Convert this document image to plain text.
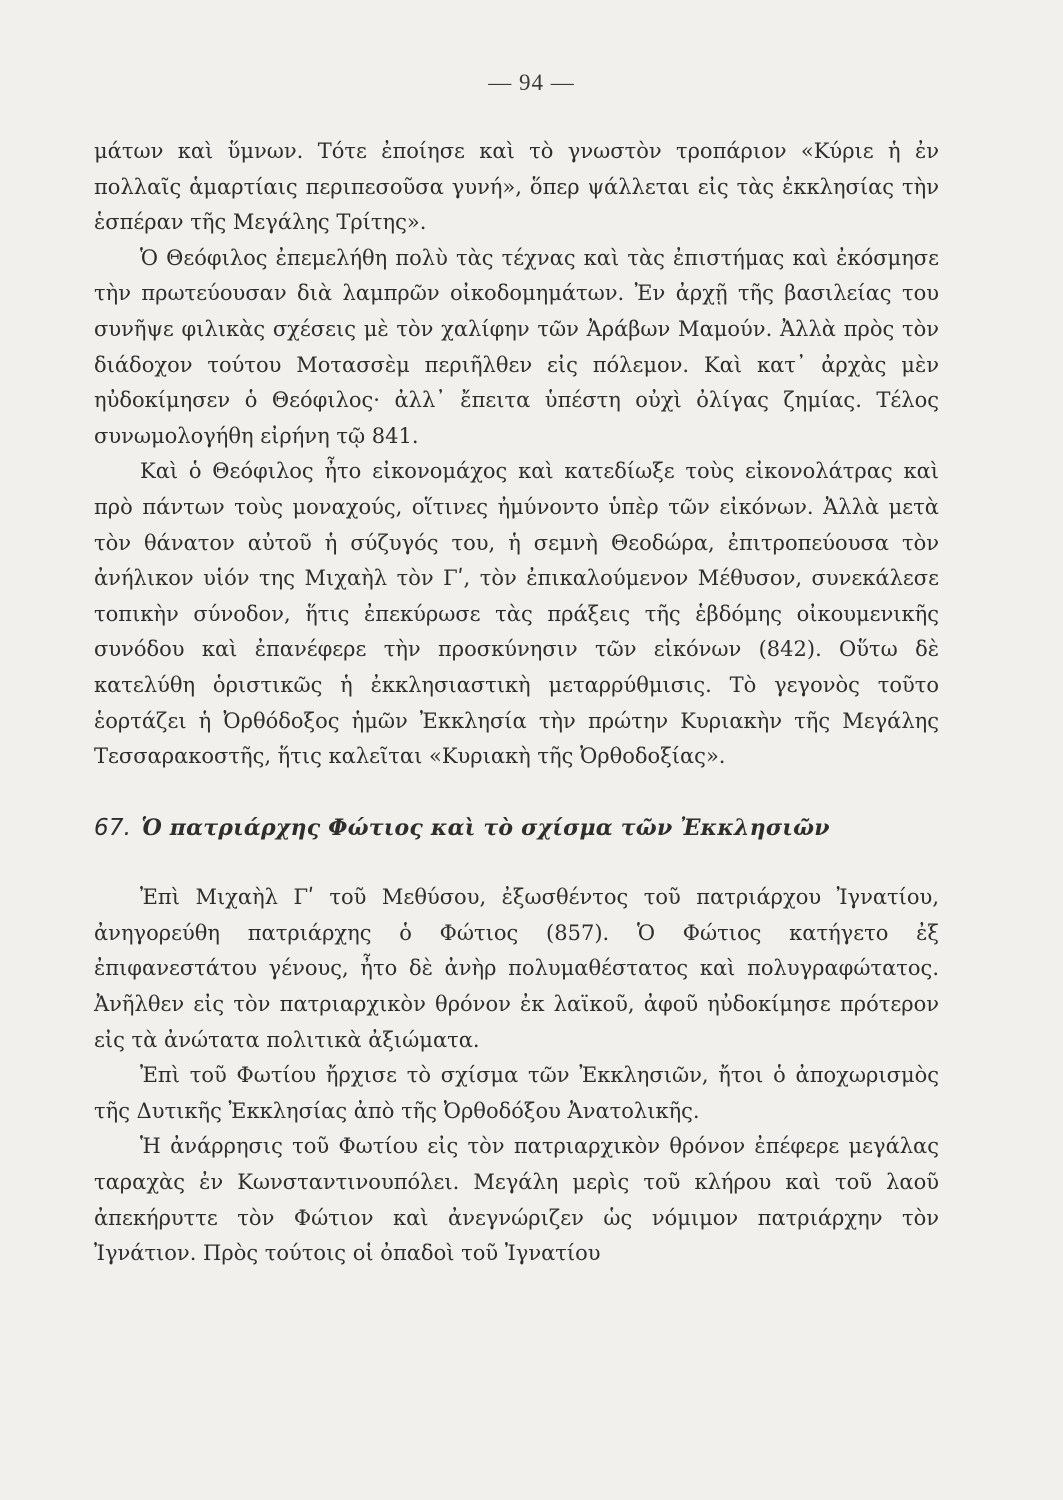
— 94 —

μάτων καὶ ὕμνων. Τότε ἐποίησε καὶ τὸ γνωστὸν τροπάριον «Κύριε ἡ ἐν πολλαῖς ἁμαρτίαις περιπεσοῦσα γυνή», ὅπερ ψάλλεται εἰς τὰς ἐκκλησίας τὴν ἑσπέραν τῆς Μεγάλης Τρίτης».

Ὁ Θεόφιλος ἐπεμελήθη πολὺ τὰς τέχνας καὶ τὰς ἐπιστήμας καὶ ἐκόσμησε τὴν πρωτεύουσαν διὰ λαμπρῶν οἰκοδομημάτων. Ἐν ἀρχῇ τῆς βασιλείας του συνῆψε φιλικὰς σχέσεις μὲ τὸν χαλίφην τῶν Ἀράβων Μαμούν. Ἀλλὰ πρὸς τὸν διάδοχον τούτου Μοτασσὲμ περιῆλθεν εἰς πόλεμον. Καὶ κατ᾽ ἀρχὰς μὲν ηὐδοκίμησεν ὁ Θεόφιλος· ἀλλ᾽ ἔπειτα ὑπέστη οὐχὶ ὀλίγας ζημίας. Τέλος συνωμολογήθη εἰρήνη τῷ 841.

Καὶ ὁ Θεόφιλος ἦτο εἰκονομάχος καὶ κατεδίωξε τοὺς εἰκονολάτρας καὶ πρὸ πάντων τοὺς μοναχούς, οἵτινες ἠμύνοντο ὑπὲρ τῶν εἰκόνων. Ἀλλὰ μετὰ τὸν θάνατον αὐτοῦ ἡ σύζυγός του, ἡ σεμνὴ Θεοδώρα, ἐπιτροπεύουσα τὸν ἀνήλικον υἱόν της Μιχαὴλ τὸν Γʹ, τὸν ἐπικαλούμενον Μέθυσον, συνεκάλεσε τοπικὴν σύνοδον, ἥτις ἐπεκύρωσε τὰς πράξεις τῆς ἑβδόμης οἰκουμενικῆς συνόδου καὶ ἐπανέφερε τὴν προσκύνησιν τῶν εἰκόνων (842). Οὕτω δὲ κατελύθη ὁριστικῶς ἡ ἐκκλησιαστικὴ μεταρρύθμισις. Τὸ γεγονὸς τοῦτο ἑορτάζει ἡ Ὀρθόδοξος ἡμῶν Ἐκκλησία τὴν πρώτην Κυριακὴν τῆς Μεγάλης Τεσσαρακοστῆς, ἥτις καλεῖται «Κυριακὴ τῆς Ὀρθοδοξίας».

67. Ὁ πατριάρχης Φώτιος καὶ τὸ σχίσμα τῶν Ἐκκλησιῶν

Ἐπὶ Μιχαὴλ Γʹ τοῦ Μεθύσου, ἐξωσθέντος τοῦ πατριάρχου Ἰγνατίου, ἀνηγορεύθη πατριάρχης ὁ Φώτιος (857). Ὁ Φώτιος κατήγετο ἐξ ἐπιφανεστάτου γένους, ἦτο δὲ ἀνὴρ πολυμαθέστατος καὶ πολυγραφώτατος. Ἀνῆλθεν εἰς τὸν πατριαρχικὸν θρόνον ἐκ λαϊκοῦ, ἀφοῦ ηὐδοκίμησε πρότερον εἰς τὰ ἀνώτατα πολιτικὰ ἀξιώματα.

Ἐπὶ τοῦ Φωτίου ἤρχισε τὸ σχίσμα τῶν Ἐκκλησιῶν, ἤτοι ὁ ἀποχωρισμὸς τῆς Δυτικῆς Ἐκκλησίας ἀπὸ τῆς Ὀρθοδόξου Ἀνατολικῆς.

Ἡ ἀνάρρησις τοῦ Φωτίου εἰς τὸν πατριαρχικὸν θρόνον ἐπέφερε μεγάλας ταραχὰς ἐν Κωνσταντινουπόλει. Μεγάλη μερὶς τοῦ κλήρου καὶ τοῦ λαοῦ ἀπεκήρυττε τὸν Φώτιον καὶ ἀνεγνώριζεν ὡς νόμιμον πατριάρχην τὸν Ἰγνάτιον. Πρὸς τούτοις οἱ ὀπαδοὶ τοῦ Ἰγνατίου
